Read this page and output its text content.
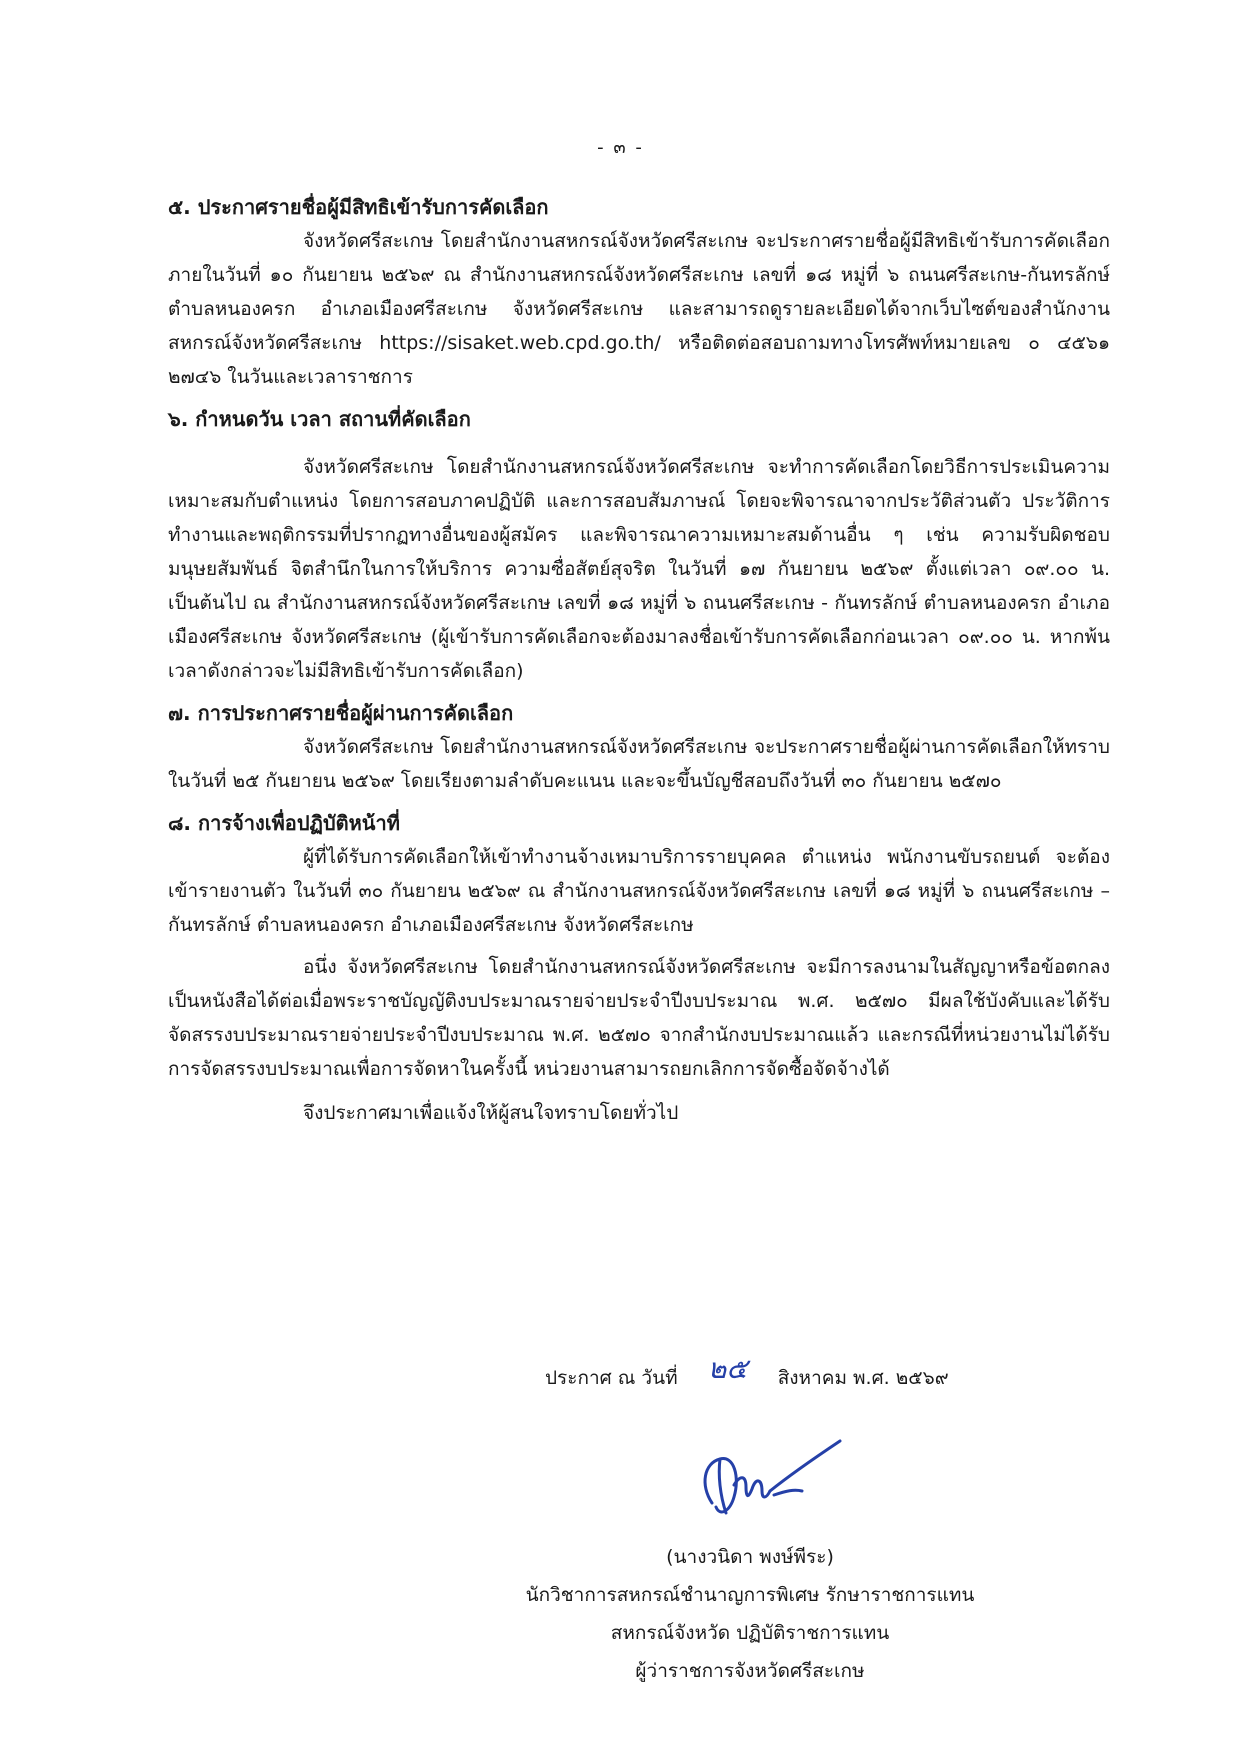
- ๓ -

๕. ประกาศรายชื่อผู้มีสิทธิเข้ารับการคัดเลือก

จังหวัดศรีสะเกษ โดยสำนักงานสหกรณ์จังหวัดศรีสะเกษ จะประกาศรายชื่อผู้มีสิทธิเข้ารับการคัดเลือก ภายในวันที่ ๑๐ กันยายน ๒๕๖๙ ณ สำนักงานสหกรณ์จังหวัดศรีสะเกษ เลขที่ ๑๘ หมู่ที่ ๖ ถนนศรีสะเกษ-กันทรลักษ์ ตำบลหนองครก อำเภอเมืองศรีสะเกษ จังหวัดศรีสะเกษ และสามารถดูรายละเอียดได้จากเว็บไซต์ของสำนักงานสหกรณ์จังหวัดศรีสะเกษ https://sisaket.web.cpd.go.th/ หรือติดต่อสอบถามทางโทรศัพท์หมายเลข ๐ ๔๕๖๑ ๒๗๔๖ ในวันและเวลาราชการ

๖. กำหนดวัน เวลา สถานที่คัดเลือก

จังหวัดศรีสะเกษ โดยสำนักงานสหกรณ์จังหวัดศรีสะเกษ จะทำการคัดเลือกโดยวิธีการประเมินความเหมาะสมกับตำแหน่ง โดยการสอบภาคปฏิบัติ และการสอบสัมภาษณ์ โดยจะพิจารณาจากประวัติส่วนตัว ประวัติการทำงานและพฤติกรรมที่ปรากฏทางอื่นของผู้สมัคร และพิจารณาความเหมาะสมด้านอื่น ๆ เช่น ความรับผิดชอบ มนุษยสัมพันธ์ จิตสำนึกในการให้บริการ ความซื่อสัตย์สุจริต ในวันที่ ๑๗ กันยายน ๒๕๖๙ ตั้งแต่เวลา ๐๙.๐๐ น. เป็นต้นไป ณ สำนักงานสหกรณ์จังหวัดศรีสะเกษ เลขที่ ๑๘ หมู่ที่ ๖ ถนนศรีสะเกษ - กันทรลักษ์ ตำบลหนองครก อำเภอเมืองศรีสะเกษ จังหวัดศรีสะเกษ (ผู้เข้ารับการคัดเลือกจะต้องมาลงชื่อเข้ารับการคัดเลือกก่อนเวลา ๐๙.๐๐ น. หากพ้นเวลาดังกล่าวจะไม่มีสิทธิเข้ารับการคัดเลือก)

๗. การประกาศรายชื่อผู้ผ่านการคัดเลือก

จังหวัดศรีสะเกษ โดยสำนักงานสหกรณ์จังหวัดศรีสะเกษ จะประกาศรายชื่อผู้ผ่านการคัดเลือกให้ทราบในวันที่ ๒๕ กันยายน ๒๕๖๙ โดยเรียงตามลำดับคะแนน และจะขึ้นบัญชีสอบถึงวันที่ ๓๐ กันยายน ๒๕๗๐

๘. การจ้างเพื่อปฏิบัติหน้าที่

ผู้ที่ได้รับการคัดเลือกให้เข้าทำงานจ้างเหมาบริการรายบุคคล ตำแหน่ง พนักงานขับรถยนต์ จะต้องเข้ารายงานตัว ในวันที่ ๓๐ กันยายน ๒๕๖๙ ณ สำนักงานสหกรณ์จังหวัดศรีสะเกษ เลขที่ ๑๘ หมู่ที่ ๖ ถนนศรีสะเกษ – กันทรลักษ์ ตำบลหนองครก อำเภอเมืองศรีสะเกษ จังหวัดศรีสะเกษ

อนึ่ง จังหวัดศรีสะเกษ โดยสำนักงานสหกรณ์จังหวัดศรีสะเกษ จะมีการลงนามในสัญญาหรือข้อตกลงเป็นหนังสือได้ต่อเมื่อพระราชบัญญัติงบประมาณรายจ่ายประจำปีงบประมาณ พ.ศ. ๒๕๗๐ มีผลใช้บังคับและได้รับจัดสรรงบประมาณรายจ่ายประจำปีงบประมาณ พ.ศ. ๒๕๗๐ จากสำนักงบประมาณแล้ว และกรณีที่หน่วยงานไม่ได้รับการจัดสรรงบประมาณเพื่อการจัดหาในครั้งนี้ หน่วยงานสามารถยกเลิกการจัดซื้อจัดจ้างได้

จึงประกาศมาเพื่อแจ้งให้ผู้สนใจทราบโดยทั่วไป

ประกาศ ณ วันที่ ๒๕ สิงหาคม พ.ศ. ๒๕๖๙
(นางวนิดา พงษ์พีระ)
นักวิชาการสหกรณ์ชำนาญการพิเศษ รักษาราชการแทน
สหกรณ์จังหวัด ปฏิบัติราชการแทน
ผู้ว่าราชการจังหวัดศรีสะเกษ
